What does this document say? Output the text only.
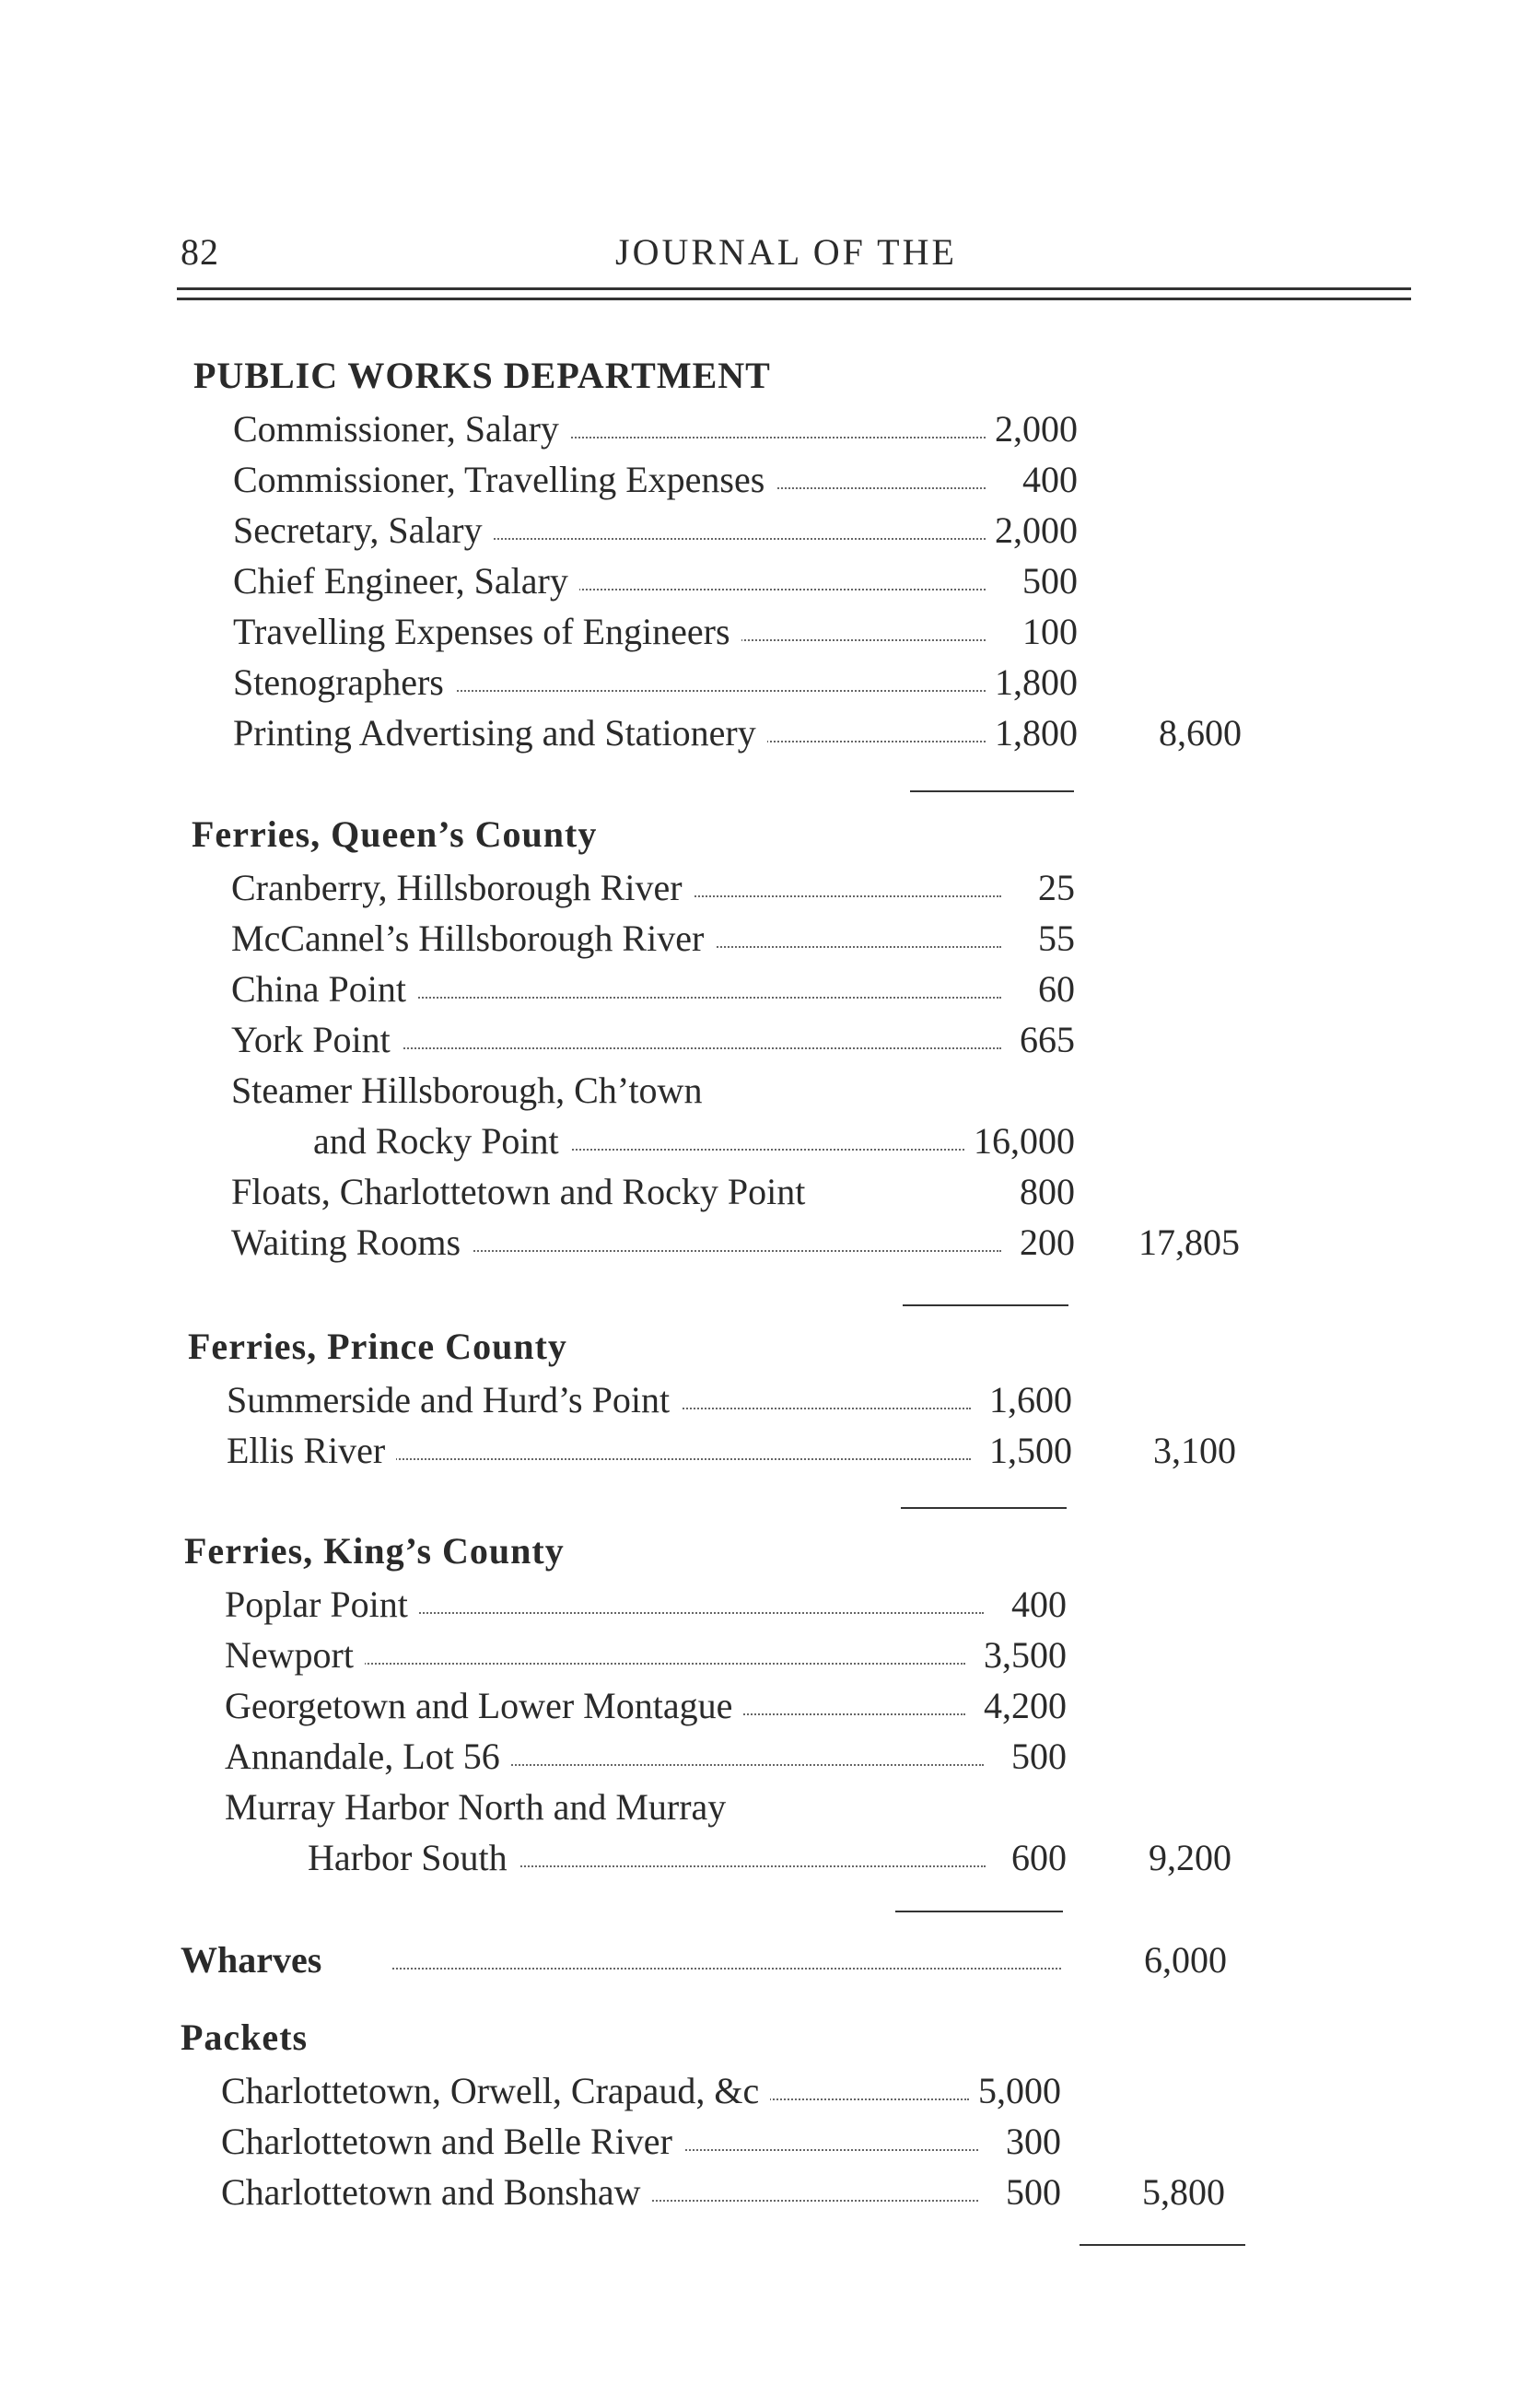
82	JOURNAL OF THE
PUBLIC WORKS DEPARTMENT
Commissioner, Salary	2,000
Commissioner, Travelling Expenses	400
Secretary, Salary	2,000
Chief Engineer, Salary	500
Travelling Expenses of Engineers	100
Stenographers	1,800
Printing Advertising and Stationery	1,800 8,600
Ferries, Queen’s County
Cranberry, Hillsborough River	25
McCannel’s Hillsborough River	55
China Point	60
York Point	665
Steamer Hillsborough, Ch’town
and Rocky Point	16,000
Floats, Charlottetown and Rocky Point	800
Waiting Rooms	200 17,805
Ferries, Prince County
Summerside and Hurd’s Point	1,600
Ellis River	1,500 3,100
Ferries, King’s County
Poplar Point	400
Newport	3,500
Georgetown and Lower Montague	4,200
Annandale, Lot 56	500
Murray Harbor North and Murray
Harbor South	600 9,200
Wharves	6,000
Packets
Charlottetown, Orwell, Crapaud, &c	5,000
Charlottetown and Belle River	300
Charlottetown and Bonshaw	500 5,800
